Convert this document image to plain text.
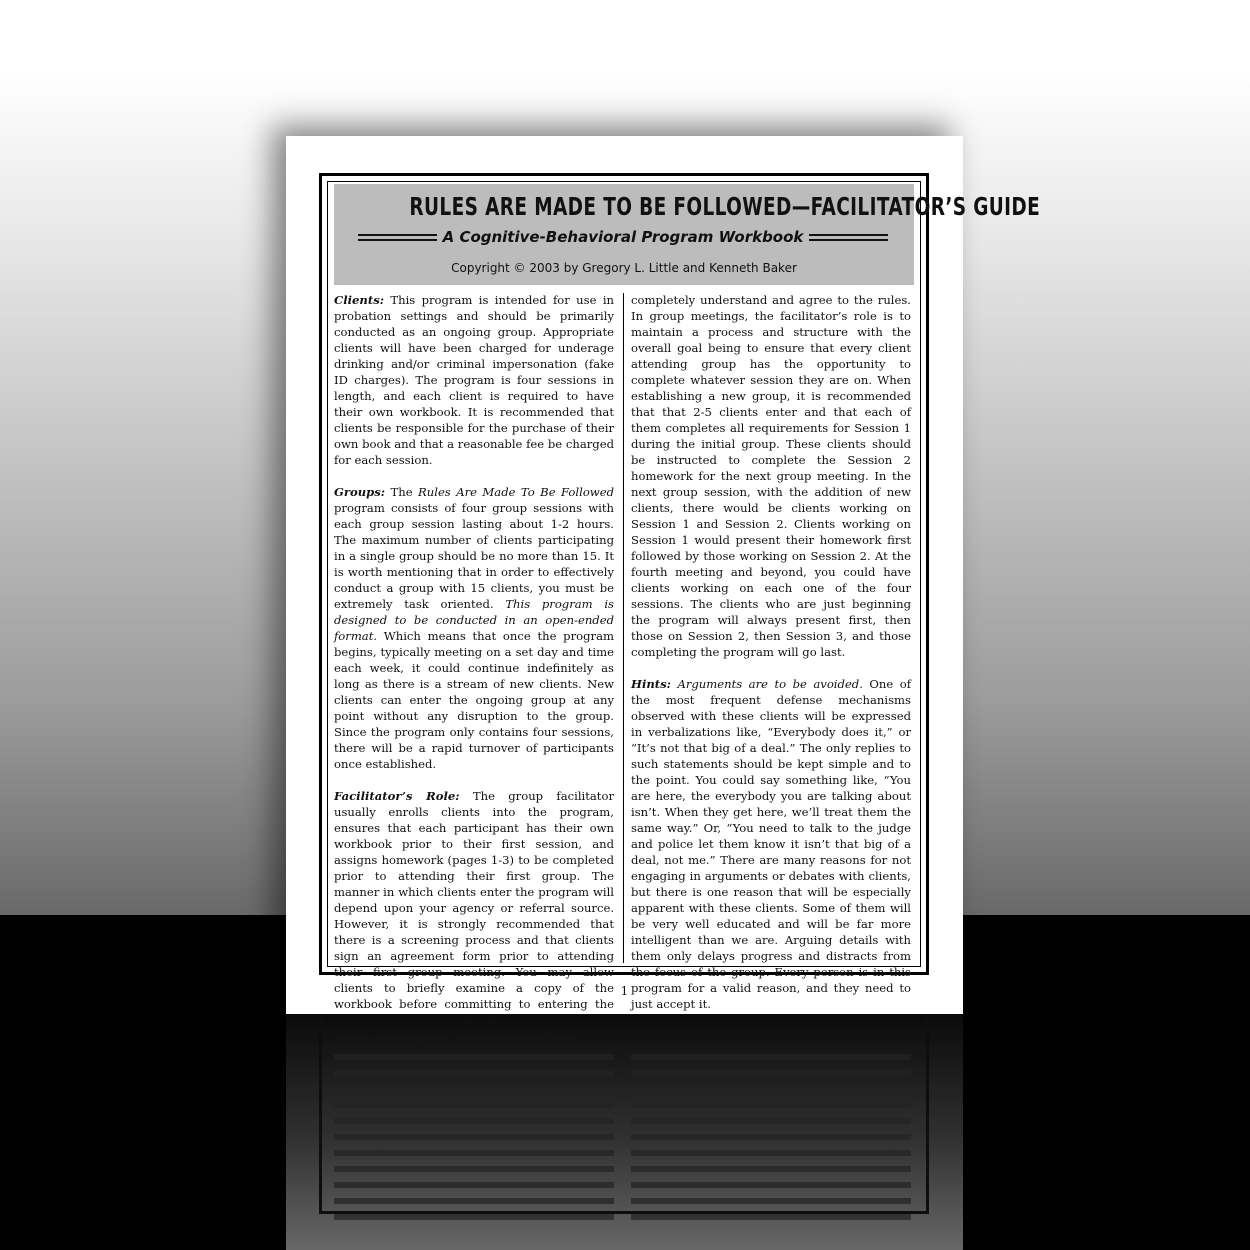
RULES ARE MADE TO BE FOLLOWED—FACILITATOR’S GUIDE
A Cognitive-Behavioral Program Workbook
Copyright © 2003 by Gregory L. Little and Kenneth Baker

Clients: This program is intended for use in probation settings and should be primarily conducted as an ongoing group. Appropriate clients will have been charged for underage drinking and/or criminal impersonation (fake ID charges). The program is four sessions in length, and each client is required to have their own workbook. It is recommended that clients be responsible for the purchase of their own book and that a reasonable fee be charged for each session.

Groups: The Rules Are Made To Be Followed program consists of four group sessions with each group session lasting about 1-2 hours. The maximum number of clients participating in a single group should be no more than 15. It is worth mentioning that in order to effectively conduct a group with 15 clients, you must be extremely task oriented. This program is designed to be conducted in an open-ended format. Which means that once the program begins, typically meeting on a set day and time each week, it could continue indefinitely as long as there is a stream of new clients. New clients can enter the ongoing group at any point without any disruption to the group. Since the program only contains four sessions, there will be a rapid turnover of participants once established.

Facilitator’s Role: The group facilitator usually enrolls clients into the program, ensures that each participant has their own workbook prior to their first session, and assigns homework (pages 1-3) to be completed prior to attending their first group. The manner in which clients enter the program will depend upon your agency or referral source. However, it is strongly recommended that there is a screening process and that clients sign an agreement form prior to attending their first group meeting. You may allow clients to briefly examine a copy of the workbook before committing to entering the

completely understand and agree to the rules. In group meetings, the facilitator’s role is to maintain a process and structure with the overall goal being to ensure that every client attending group has the opportunity to complete whatever session they are on. When establishing a new group, it is recommended that that 2-5 clients enter and that each of them completes all requirements for Session 1 during the initial group. These clients should be instructed to complete the Session 2 homework for the next group meeting. In the next group session, with the addition of new clients, there would be clients working on Session 1 and Session 2. Clients working on Session 1 would present their homework first followed by those working on Session 2. At the fourth meeting and beyond, you could have clients working on each one of the four sessions. The clients who are just beginning the program will always present first, then those on Session 2, then Session 3, and those completing the program will go last.

Hints: Arguments are to be avoided. One of the most frequent defense mechanisms observed with these clients will be expressed in verbalizations like, “Everybody does it,” or “It’s not that big of a deal.” The only replies to such statements should be kept simple and to the point. You could say something like, “You are here, the everybody you are talking about isn’t. When they get here, we’ll treat them the same way.” Or, “You need to talk to the judge and police let them know it isn’t that big of a deal, not me.” There are many reasons for not engaging in arguments or debates with clients, but there is one reason that will be especially apparent with these clients. Some of them will be very well educated and will be far more intelligent than we are. Arguing details with them only delays progress and distracts from the focus of the group. Every person is in this program for a valid reason, and they need to just accept it.

1
